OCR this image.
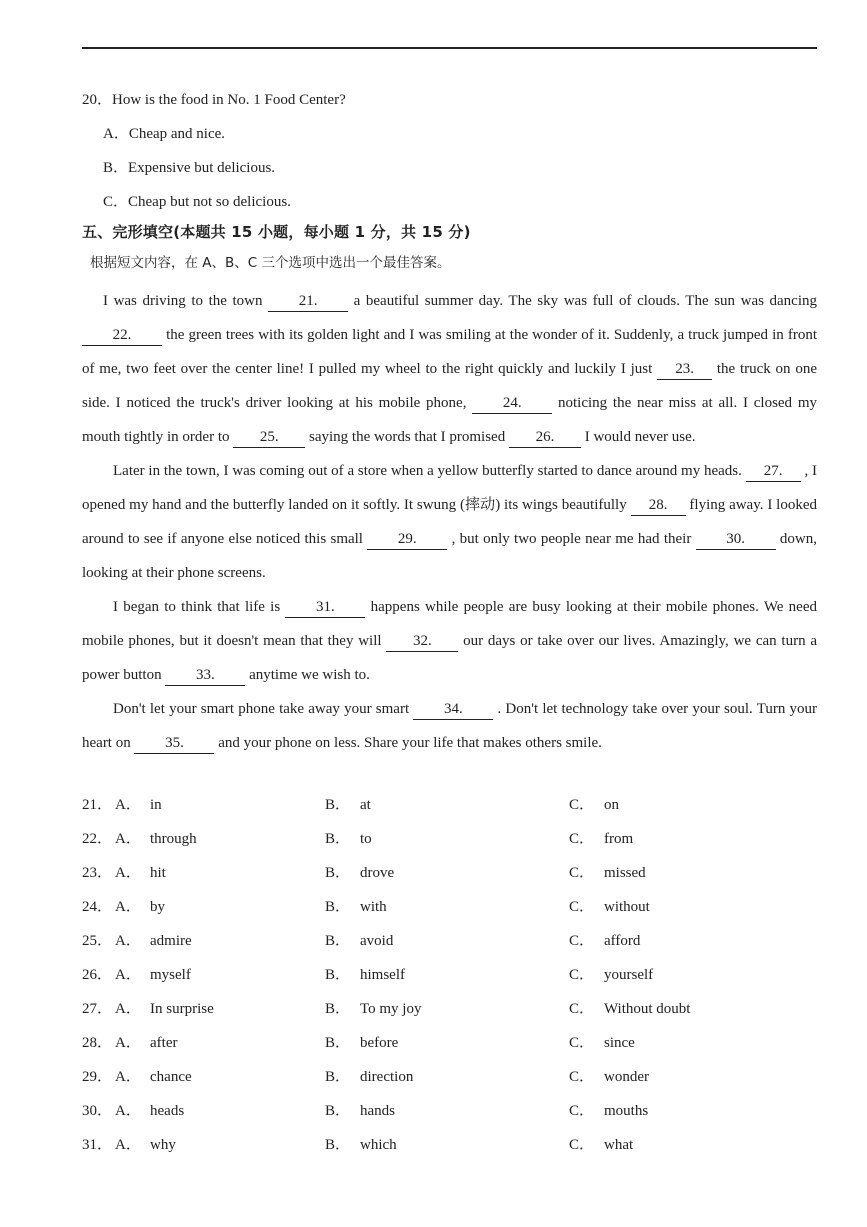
20．How is the food in No. 1 Food Center?
A．Cheap and nice.
B．Expensive but delicious.
C．Cheap but not so delicious.
五、完形填空(本题共 15 小题，每小题 1 分，共 15 分)
根据短文内容，在 A、B、C 三个选项中选出一个最佳答案。

I was driving to the town 21. a beautiful summer day. The sky was full of clouds. The sun was dancing 22. the green trees with its golden light and I was smiling at the wonder of it. Suddenly, a truck jumped in front of me, two feet over the center line! I pulled my wheel to the right quickly and luckily I just 23. the truck on one side. I noticed the truck's driver looking at his mobile phone, 24. noticing the near miss at all. I closed my mouth tightly in order to 25. saying the words that I promised 26. I would never use.

Later in the town, I was coming out of a store when a yellow butterfly started to dance around my heads. 27. , I opened my hand and the butterfly landed on it softly. It swung (摔动) its wings beautifully 28. flying away. I looked around to see if anyone else noticed this small 29. , but only two people near me had their 30. down, looking at their phone screens.

I began to think that life is 31. happens while people are busy looking at their mobile phones. We need mobile phones, but it doesn't mean that they will 32. our days or take over our lives. Amazingly, we can turn a power button 33. anytime we wish to.

Don't let your smart phone take away your smart 34. . Don't let technology take over your soul. Turn your heart on 35. and your phone on less. Share your life that makes others smile.

21． A． in	B． at	C． on
22． A． through	B． to	C． from
23． A． hit	B． drove	C． missed
24． A． by	B． with	C． without
25． A． admire	B． avoid	C． afford
26． A． myself	B． himself	C． yourself
27． A． In surprise	B． To my joy	C． Without doubt
28． A． after	B． before	C． since
29． A． chance	B． direction	C． wonder
30． A． heads	B． hands	C． mouths
31． A． why	B． which	C． what
